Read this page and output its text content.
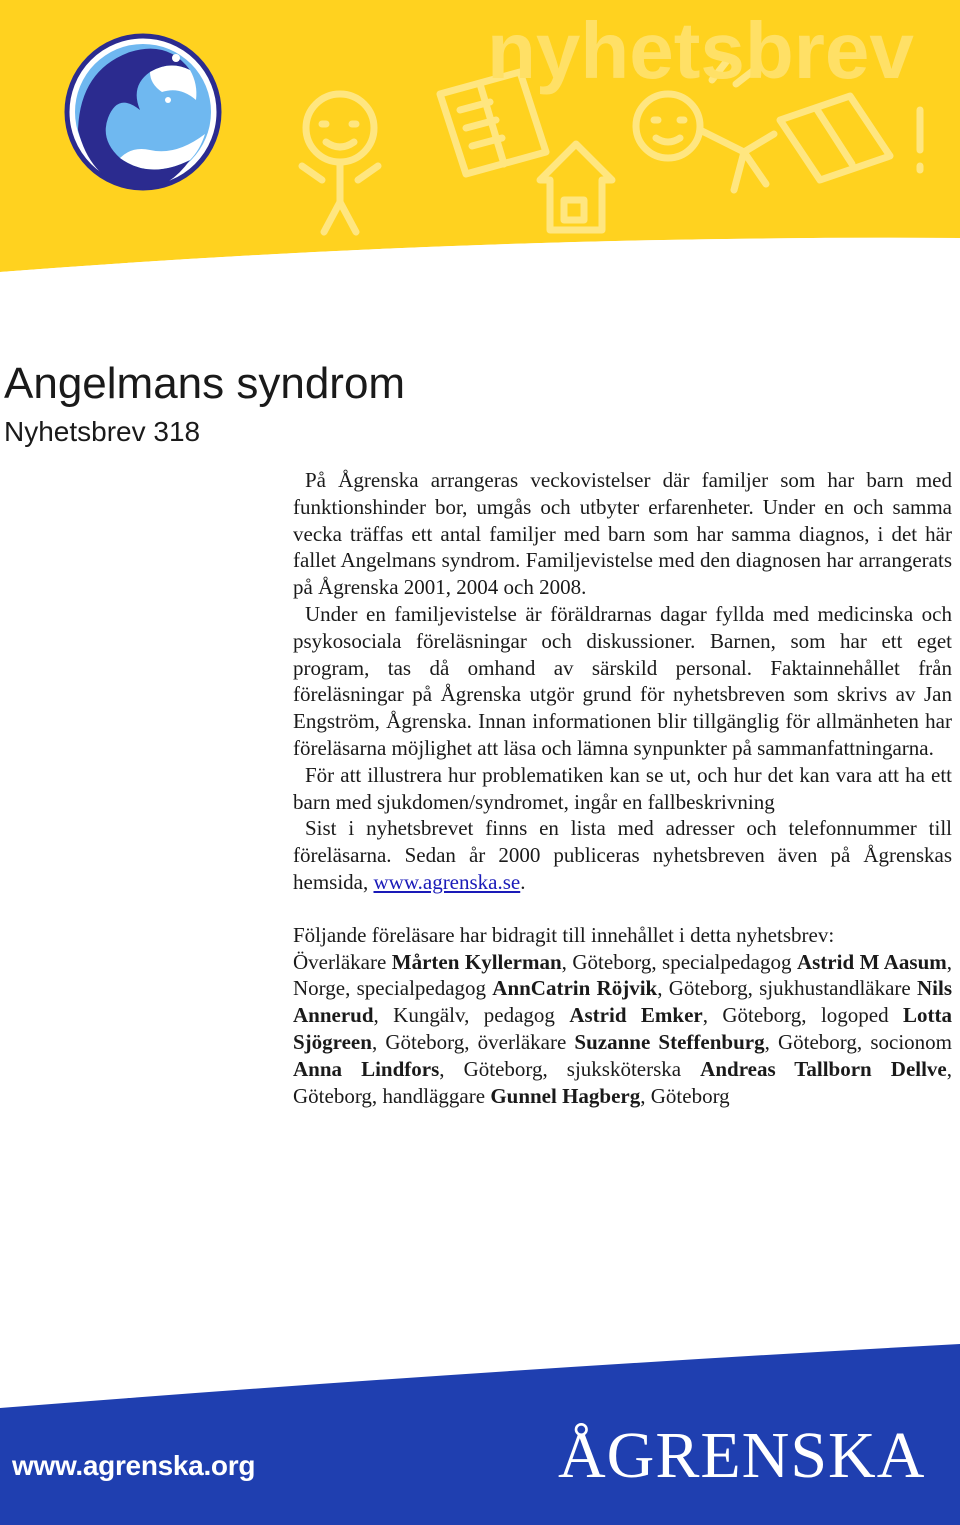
nyhetsbrev
Angelmans syndrom
Nyhetsbrev 318

På Ågrenska arrangeras veckovistelser där familjer som har barn med funktionshinder bor, umgås och utbyter erfarenheter. Under en och samma vecka träffas ett antal familjer med barn som har samma diagnos, i det här fallet Angelmans syndrom. Familjevistelse med den diagnosen har arrangerats på Ågrenska 2001, 2004 och 2008.

Under en familjevistelse är föräldrarnas dagar fyllda med medicinska och psykosociala föreläsningar och diskussioner. Barnen, som har ett eget program, tas då omhand av särskild personal. Faktainnehållet från föreläsningar på Ågrenska utgör grund för nyhetsbreven som skrivs av Jan Engström, Ågrenska. Innan informationen blir tillgänglig för allmänheten har föreläsarna möjlighet att läsa och lämna synpunkter på sammanfattningarna.

För att illustrera hur problematiken kan se ut, och hur det kan vara att ha ett barn med sjukdomen/syndromet, ingår en fallbeskrivning

Sist i nyhetsbrevet finns en lista med adresser och telefonnummer till föreläsarna. Sedan år 2000 publiceras nyhetsbreven även på Ågrenskas hemsida, www.agrenska.se.

Följande föreläsare har bidragit till innehållet i detta nyhetsbrev:

Överläkare Mårten Kyllerman, Göteborg, specialpedagog Astrid M Aasum, Norge, specialpedagog AnnCatrin Röjvik, Göteborg, sjukhustandläkare Nils Annerud, Kungälv, pedagog Astrid Emker, Göteborg, logoped Lotta Sjögreen, Göteborg, överläkare Suzanne Steffenburg, Göteborg, socionom Anna Lindfors, Göteborg, sjuksköterska Andreas Tallborn Dellve, Göteborg, handläggare Gunnel Hagberg, Göteborg

www.agrenska.org	ÅGRENSKA
